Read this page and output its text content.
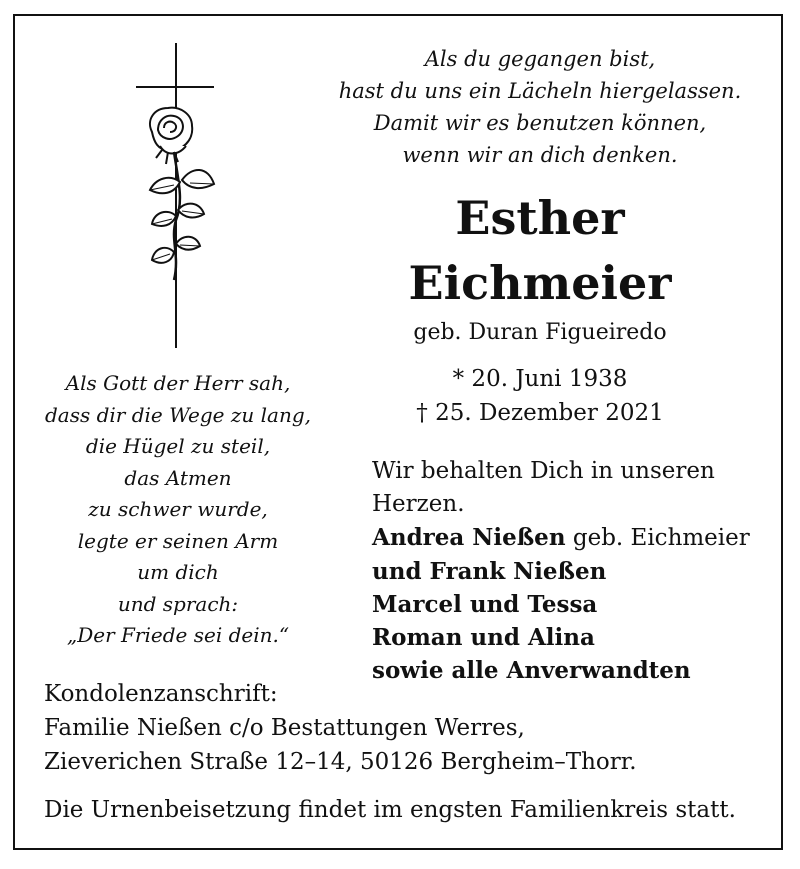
Als du gegangen bist,
hast du uns ein Lächeln hiergelassen.
Damit wir es benutzen können,
wenn wir an dich denken.
Esther
Eichmeier
geb. Duran Figueiredo
* 20. Juni 1938
† 25. Dezember 2021
Als Gott der Herr sah,
dass dir die Wege zu lang,
die Hügel zu steil,
das Atmen
zu schwer wurde,
legte er seinen Arm
um dich
und sprach:
„Der Friede sei dein.“
Wir behalten Dich in unseren
Herzen.
Andrea Nießen geb. Eichmeier
und Frank Nießen
Marcel und Tessa
Roman und Alina
sowie alle Anverwandten
Kondolenzanschrift:
Familie Nießen c/o Bestattungen Werres,
Zieverichen Straße 12–14, 50126 Bergheim–Thorr.
Die Urnenbeisetzung findet im engsten Familienkreis statt.
